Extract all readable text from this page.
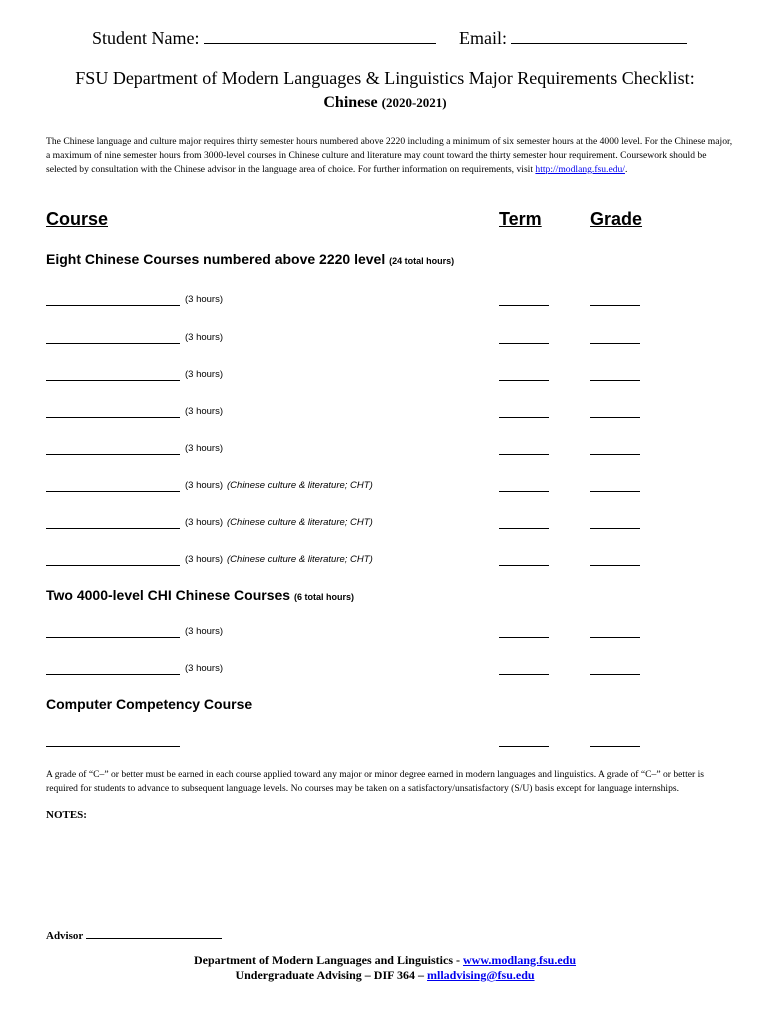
Student Name:	Email:
FSU Department of Modern Languages & Linguistics Major Requirements Checklist:
Chinese (2020-2021)
The Chinese language and culture major requires thirty semester hours numbered above 2220 including a minimum of six semester hours at the 4000 level. For the Chinese major, a maximum of nine semester hours from 3000-level courses in Chinese culture and literature may count toward the thirty semester hour requirement. Coursework should be selected by consultation with the Chinese advisor in the language area of choice. For further information on requirements, visit http://modlang.fsu.edu/.
Course	Term	Grade
Eight Chinese Courses numbered above 2220 level (24 total hours)
(3 hours)
(3 hours)
(3 hours)
(3 hours)
(3 hours)
(3 hours) (Chinese culture & literature; CHT)
(3 hours) (Chinese culture & literature; CHT)
(3 hours) (Chinese culture & literature; CHT)
Two 4000-level CHI Chinese Courses (6 total hours)
(3 hours)
(3 hours)
Computer Competency Course
A grade of “C–” or better must be earned in each course applied toward any major or minor degree earned in modern languages and linguistics. A grade of “C–” or better is required for students to advance to subsequent language levels. No courses may be taken on a satisfactory/unsatisfactory (S/U) basis except for language internships.
NOTES:
Advisor
Department of Modern Languages and Linguistics - www.modlang.fsu.edu
Undergraduate Advising – DIF 364 – mlladvising@fsu.edu
